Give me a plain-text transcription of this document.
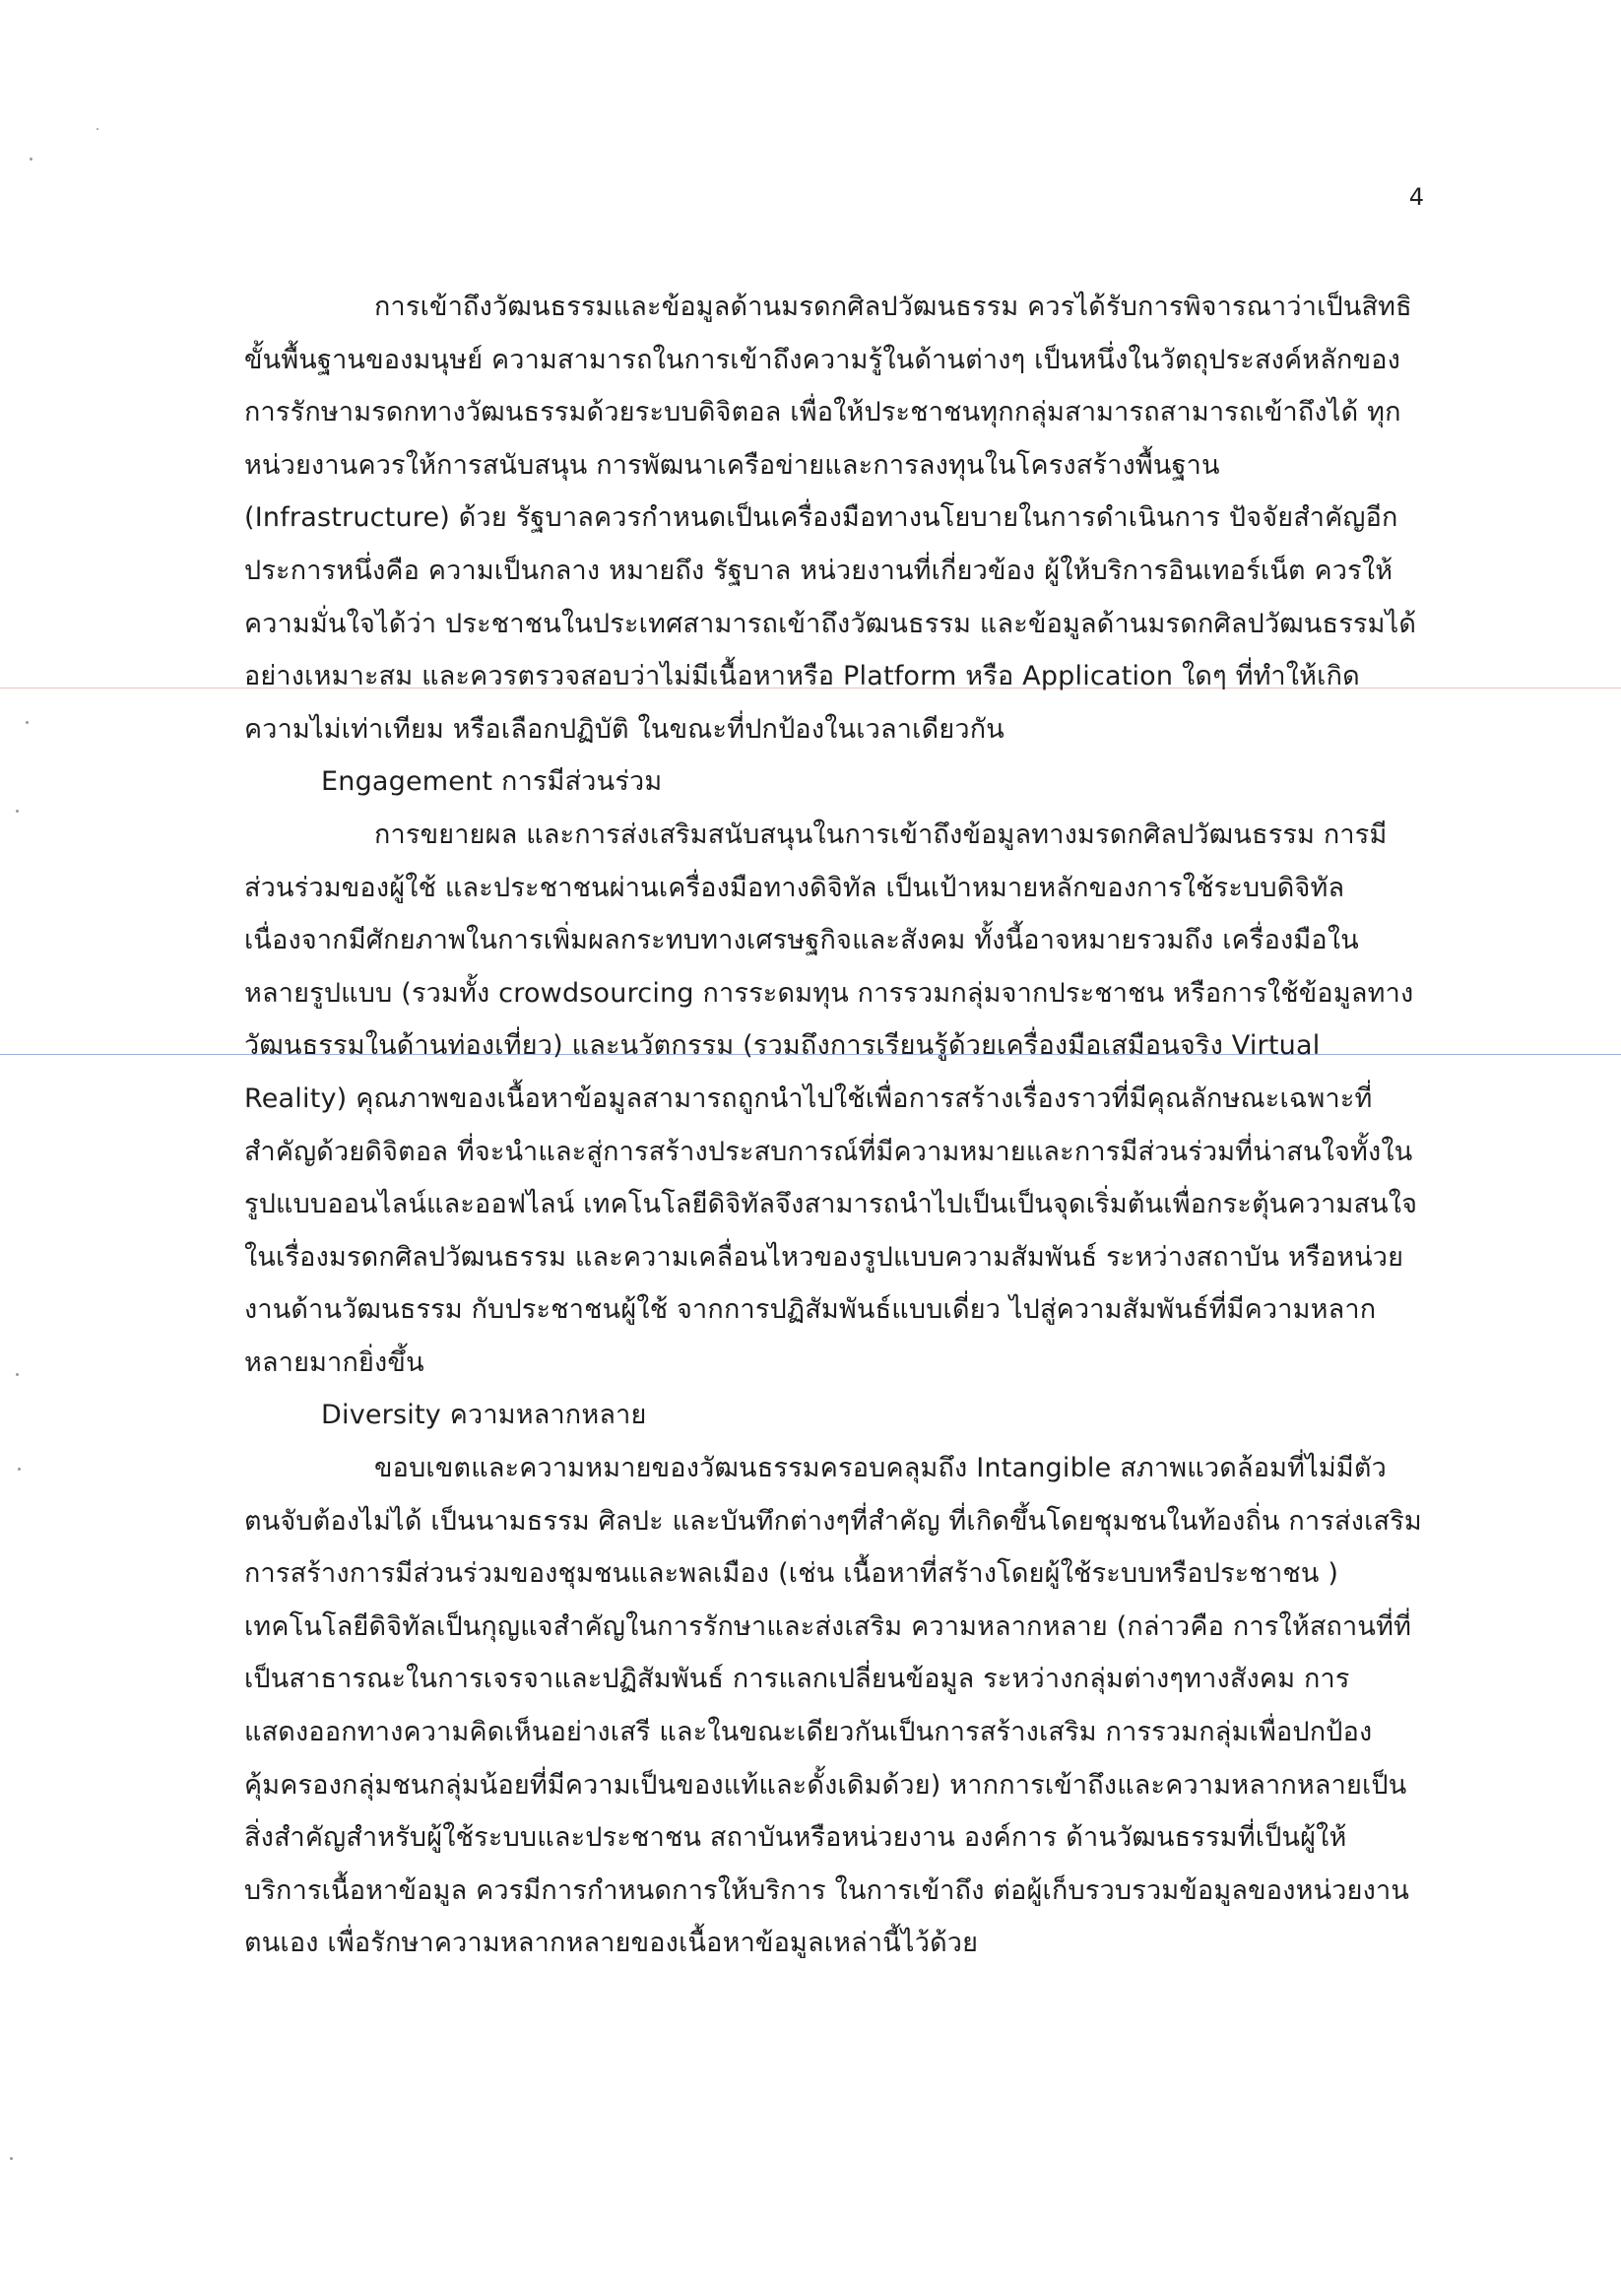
4

การเข้าถึงวัฒนธรรมและข้อมูลด้านมรดกศิลปวัฒนธรรม ควรได้รับการพิจารณาว่าเป็นสิทธิขั้นพื้นฐานของมนุษย์ ความสามารถในการเข้าถึงความรู้ในด้านต่างๆ เป็นหนึ่งในวัตถุประสงค์หลักของการรักษามรดกทางวัฒนธรรมด้วยระบบดิจิตอล เพื่อให้ประชาชนทุกกลุ่มสามารถสามารถเข้าถึงได้ ทุกหน่วยงานควรให้การสนับสนุน การพัฒนาเครือข่ายและการลงทุนในโครงสร้างพื้นฐาน (Infrastructure) ด้วย รัฐบาลควรกำหนดเป็นเครื่องมือทางนโยบายในการดำเนินการ ปัจจัยสำคัญอีกประการหนึ่งคือ ความเป็นกลาง หมายถึง รัฐบาล หน่วยงานที่เกี่ยวข้อง ผู้ให้บริการอินเทอร์เน็ต ควรให้ความมั่นใจได้ว่า ประชาชนในประเทศสามารถเข้าถึงวัฒนธรรม และข้อมูลด้านมรดกศิลปวัฒนธรรมได้อย่างเหมาะสม และควรตรวจสอบว่าไม่มีเนื้อหาหรือ Platform หรือ Application ใดๆ ที่ทำให้เกิดความไม่เท่าเทียม หรือเลือกปฏิบัติ ในขณะที่ปกป้องในเวลาเดียวกัน

Engagement การมีส่วนร่วม

การขยายผล และการส่งเสริมสนับสนุนในการเข้าถึงข้อมูลทางมรดกศิลปวัฒนธรรม การมีส่วนร่วมของผู้ใช้ และประชาชนผ่านเครื่องมือทางดิจิทัล เป็นเป้าหมายหลักของการใช้ระบบดิจิทัล เนื่องจากมีศักยภาพในการเพิ่มผลกระทบทางเศรษฐกิจและสังคม ทั้งนี้อาจหมายรวมถึง เครื่องมือในหลายรูปแบบ (รวมทั้ง crowdsourcing การระดมทุน การรวมกลุ่มจากประชาชน หรือการใช้ข้อมูลทางวัฒนธรรมในด้านท่องเที่ยว) และนวัตกรรม (รวมถึงการเรียนรู้ด้วยเครื่องมือเสมือนจริง Virtual Reality) คุณภาพของเนื้อหาข้อมูลสามารถถูกนำไปใช้เพื่อการสร้างเรื่องราวที่มีคุณลักษณะเฉพาะที่สำคัญด้วยดิจิตอล ที่จะนำและสู่การสร้างประสบการณ์ที่มีความหมายและการมีส่วนร่วมที่น่าสนใจทั้งในรูปแบบออนไลน์และออฟไลน์ เทคโนโลยีดิจิทัลจึงสามารถนำไปเป็นเป็นจุดเริ่มต้นเพื่อกระตุ้นความสนใจในเรื่องมรดกศิลปวัฒนธรรม และความเคลื่อนไหวของรูปแบบความสัมพันธ์ ระหว่างสถาบัน หรือหน่วยงานด้านวัฒนธรรม กับประชาชนผู้ใช้ จากการปฏิสัมพันธ์แบบเดี่ยว ไปสู่ความสัมพันธ์ที่มีความหลากหลายมากยิ่งขึ้น

Diversity ความหลากหลาย

ขอบเขตและความหมายของวัฒนธรรมครอบคลุมถึง Intangible สภาพแวดล้อมที่ไม่มีตัวตนจับต้องไม่ได้ เป็นนามธรรม ศิลปะ และบันทึกต่างๆที่สำคัญ ที่เกิดขึ้นโดยชุมชนในท้องถิ่น การส่งเสริมการสร้างการมีส่วนร่วมของชุมชนและพลเมือง (เช่น เนื้อหาที่สร้างโดยผู้ใช้ระบบหรือประชาชน ) เทคโนโลยีดิจิทัลเป็นกุญแจสำคัญในการรักษาและส่งเสริม ความหลากหลาย (กล่าวคือ การให้สถานที่ที่เป็นสาธารณะในการเจรจาและปฏิสัมพันธ์ การแลกเปลี่ยนข้อมูล ระหว่างกลุ่มต่างๆทางสังคม การแสดงออกทางความคิดเห็นอย่างเสรี และในขณะเดียวกันเป็นการสร้างเสริม การรวมกลุ่มเพื่อปกป้องคุ้มครองกลุ่มชนกลุ่มน้อยที่มีความเป็นของแท้และดั้งเดิมด้วย) หากการเข้าถึงและความหลากหลายเป็นสิ่งสำคัญสำหรับผู้ใช้ระบบและประชาชน สถาบันหรือหน่วยงาน องค์การ ด้านวัฒนธรรมที่เป็นผู้ให้บริการเนื้อหาข้อมูล ควรมีการกำหนดการให้บริการ ในการเข้าถึง ต่อผู้เก็บรวบรวมข้อมูลของหน่วยงานตนเอง เพื่อรักษาความหลากหลายของเนื้อหาข้อมูลเหล่านี้ไว้ด้วย
